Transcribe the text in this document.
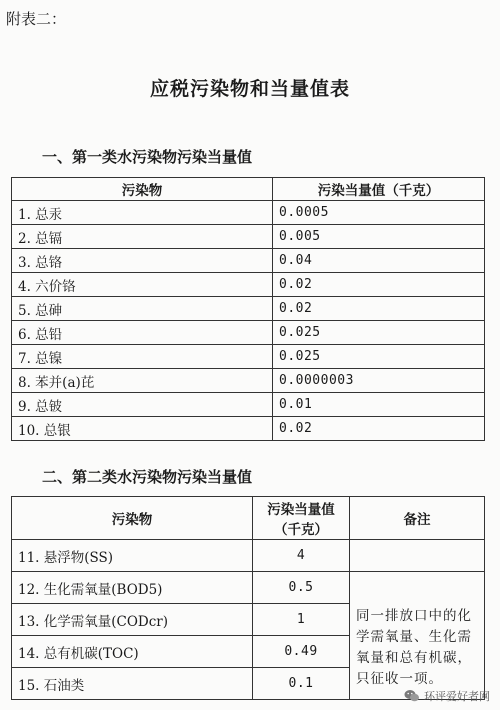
附表二：
应税污染物和当量值表
一、第一类水污染物污染当量值
污染物	污染当量值（千克）
1. 总汞	0.0005
2. 总镉	0.005
3. 总铬	0.04
4. 六价铬	0.02
5. 总砷	0.02
6. 总铅	0.025
7. 总镍	0.025
8. 苯并(a)芘	0.0000003
9. 总铍	0.01
10. 总银	0.02
二、第二类水污染物污染当量值
污染物	污染当量值（千克）	备注
11. 悬浮物(SS)	4	
12. 生化需氧量(BOD5)	0.5	同一排放口中的化学需氧量、生化需氧量和总有机碳，只征收一项。
13. 化学需氧量(CODcr)	1	
14. 总有机碳(TOC)	0.49	
15. 石油类	0.1	
环评爱好者网
